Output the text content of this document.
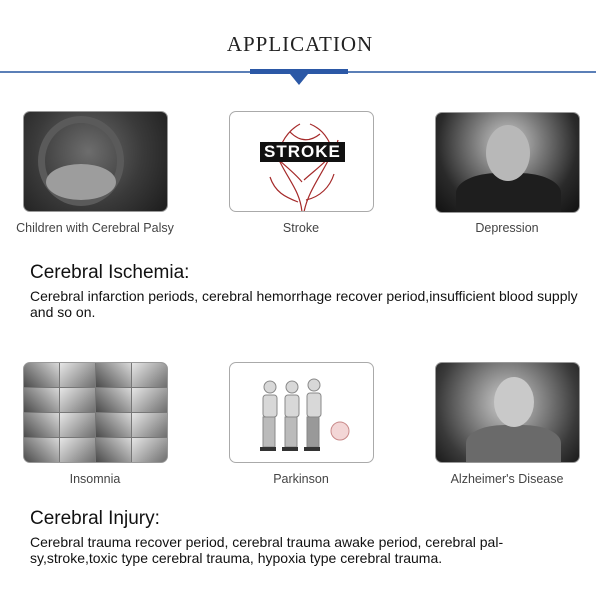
APPLICATION
Children with Cerebral Palsy
STROKE
Stroke	Depression
Cerebral Ischemia:
Cerebral infarction periods, cerebral hemorrhage recover period,insufficient blood supply and so on.
Insomnia	Parkinson	Alzheimer's Disease
Cerebral Injury:
Cerebral trauma recover period, cerebral trauma awake period, cerebral pal-sy,stroke,toxic type cerebral trauma, hypoxia type cerebral trauma.
